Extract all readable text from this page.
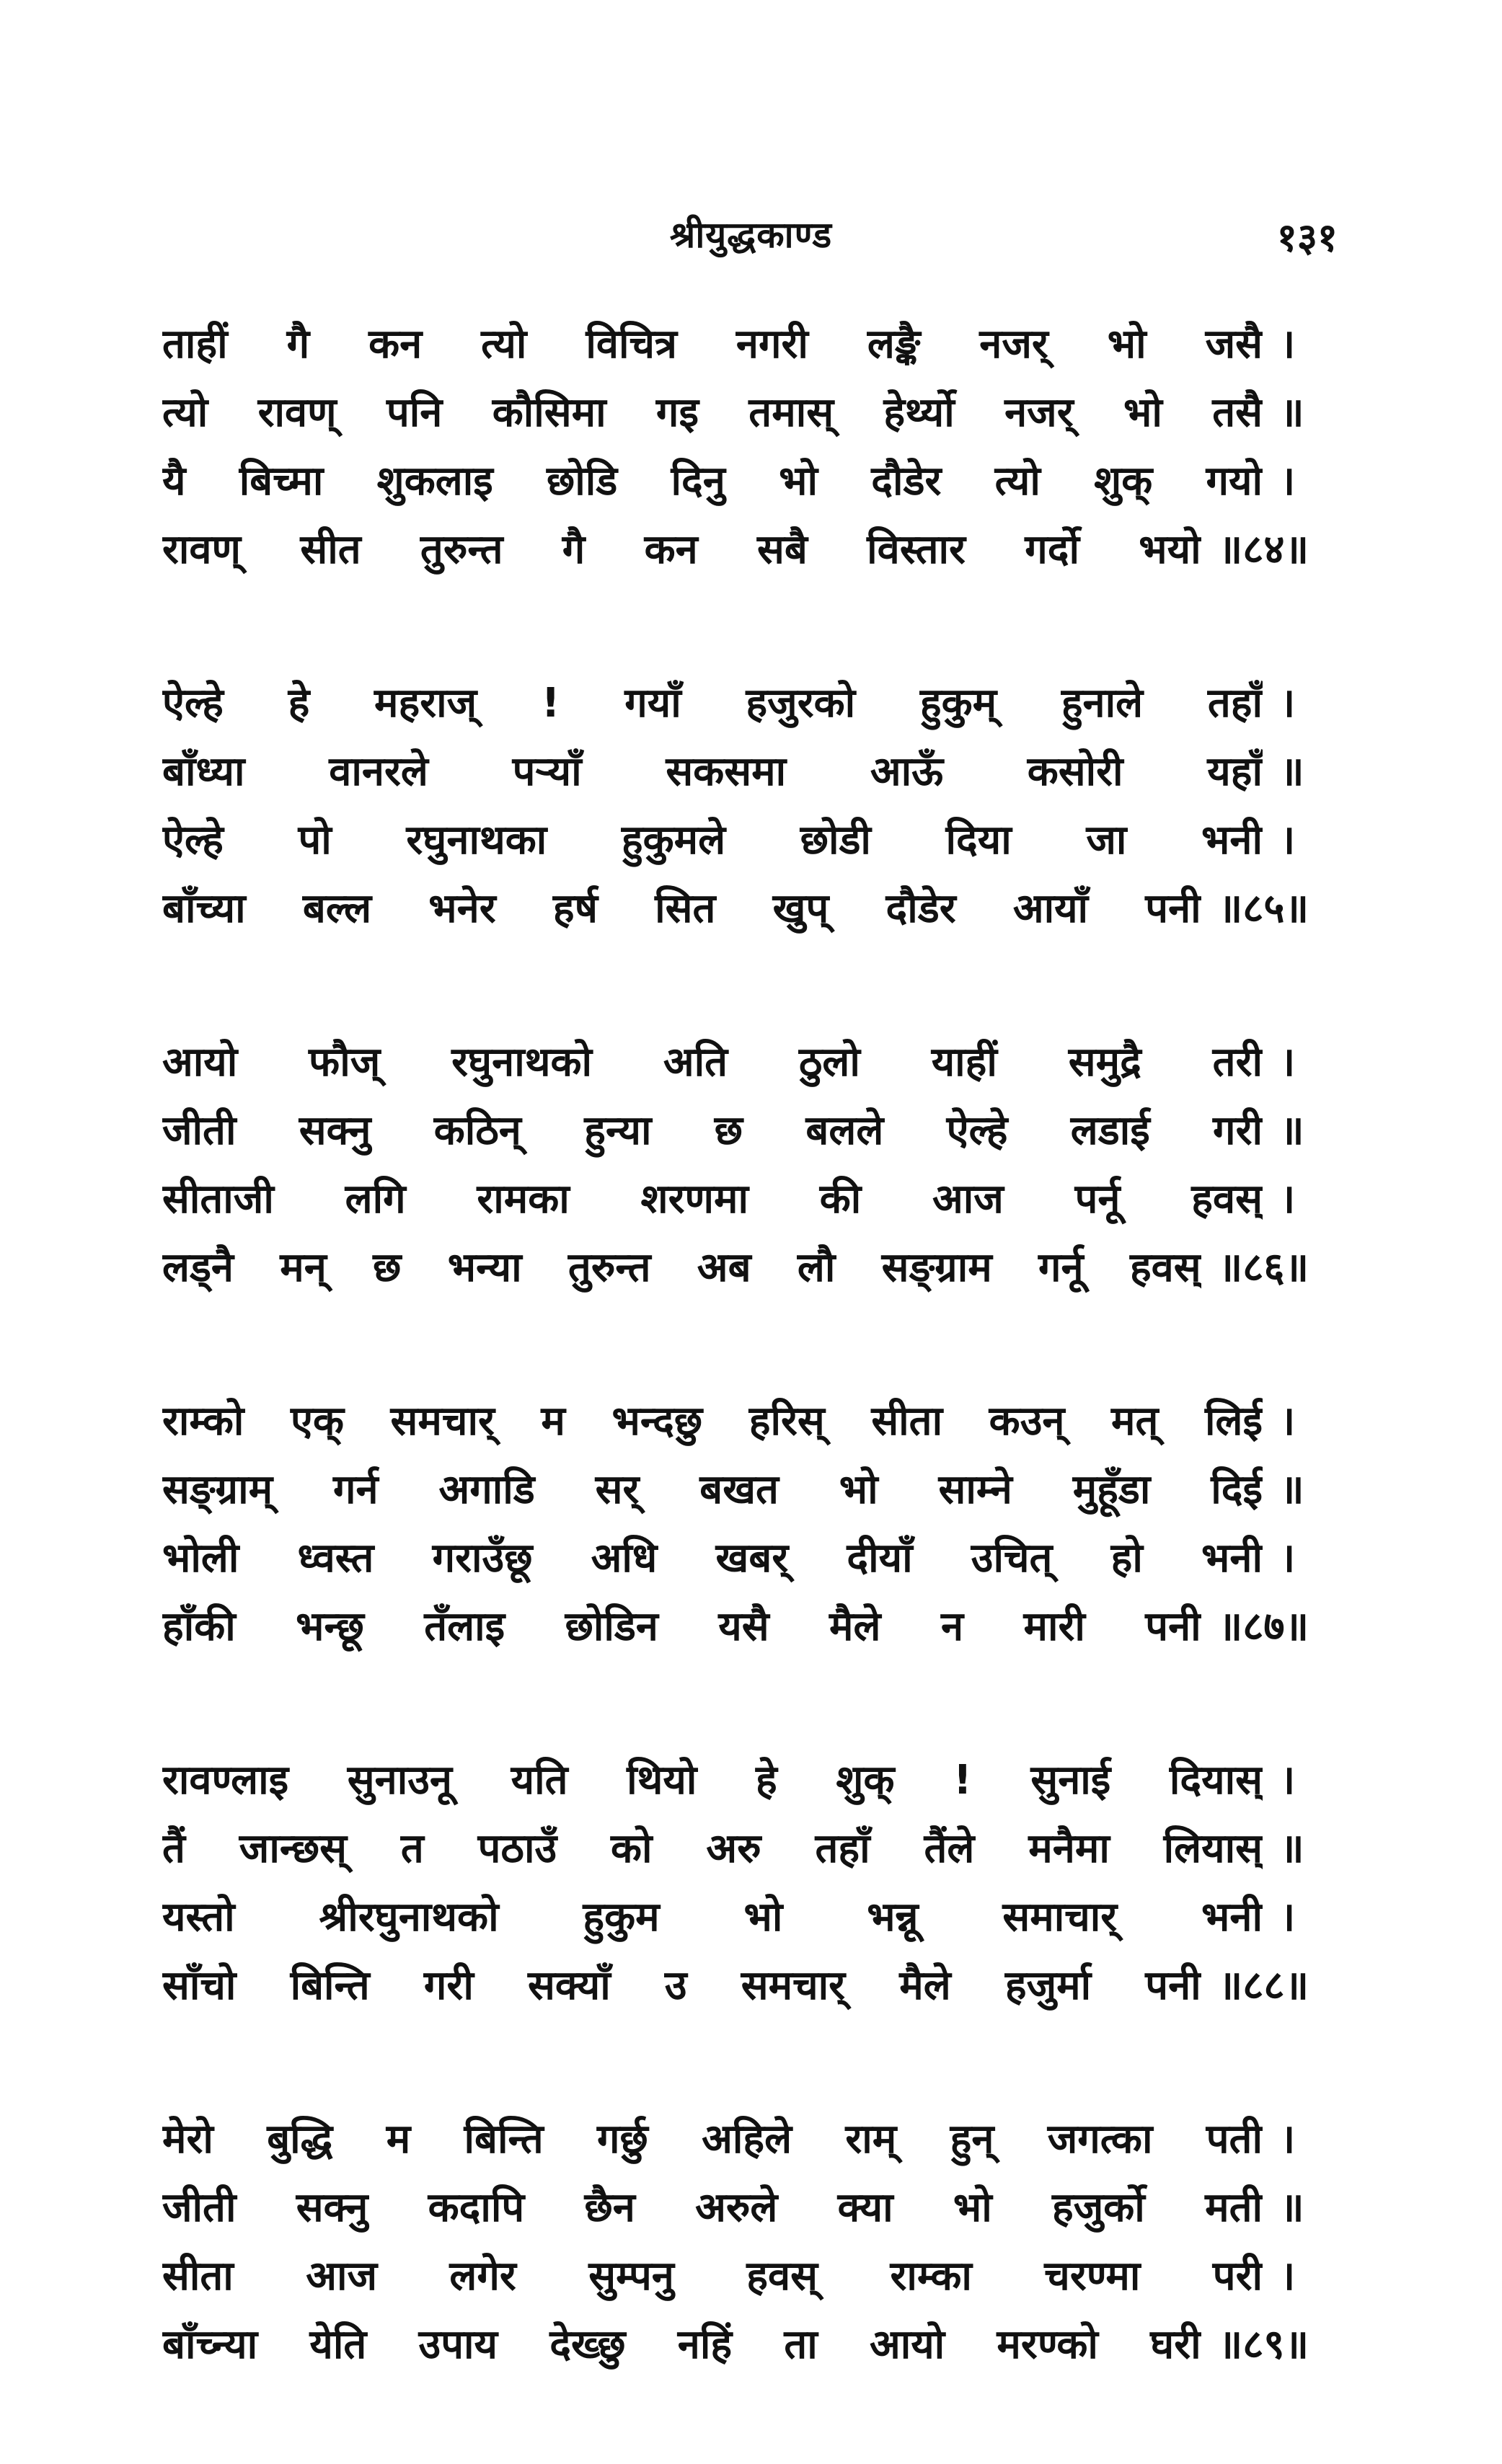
श्रीयुद्धकाण्ड	१३१
ताहीं गै कन त्यो विचित्र नगरी लङ्कै नजर् भो जसै ।
त्यो रावण् पनि कौसिमा गइ तमास् हेर्थ्यो नजर् भो तसै ॥
यै बिच्मा शुकलाइ छोडि दिनु भो दौडेर त्यो शुक् गयो ।
रावण् सीत तुरुन्त गै कन सबै विस्तार गर्दो भयो ॥८४॥
ऐल्हे हे महराज् ! गयाँ हजुरको हुकुम् हुनाले तहाँ ।
बाँध्या वानरले पऱ्याँ सकसमा आऊँ कसोरी यहाँ ॥
ऐल्हे पो रघुनाथका हुकुमले छोडी दिया जा भनी ।
बाँच्या बल्ल भनेर हर्ष सित खुप् दौडेर आयाँ पनी ॥८५॥
आयो फौज् रघुनाथको अति ठुलो याहीं समुद्रै तरी ।
जीती सक्नु कठिन् हुन्या छ बलले ऐल्हे लडाई गरी ॥
सीताजी लगि रामका शरणमा की आज पर्नू हवस् ।
लड्नै मन् छ भन्या तुरुन्त अब लौ सङ्ग्राम गर्नू हवस् ॥८६॥
राम्को एक् समचार् म भन्दछु हरिस् सीता कउन् मत् लिई ।
सङ्ग्राम् गर्न अगाडि सर् बखत भो साम्ने मुहूँडा दिई ॥
भोली ध्वस्त गराउँछू अधि खबर् दीयाँ उचित् हो भनी ।
हाँकी भन्छू तँलाइ छोडिन यसै मैले न मारी पनी ॥८७॥
रावण्लाइ सुनाउनू यति थियो हे शुक् ! सुनाई दियास् ।
तैं जान्छस् त पठाउँ को अरु तहाँ तैंले मनैमा लियास् ॥
यस्तो श्रीरघुनाथको हुकुम भो भन्नू समाचार् भनी ।
साँचो बिन्ति गरी सक्याँ उ समचार् मैले हजुर्मा पनी ॥८८॥
मेरो बुद्धि म बिन्ति गर्छु अहिले राम् हुन् जगत्का पती ।
जीती सक्नु कदापि छैन अरुले क्या भो हजुर्को मती ॥
सीता आज लगेर सुम्पनु हवस् राम्का चरण्मा परी ।
बाँच्न्या येति उपाय देख्छु नहिं ता आयो मरण्को घरी ॥८९॥
